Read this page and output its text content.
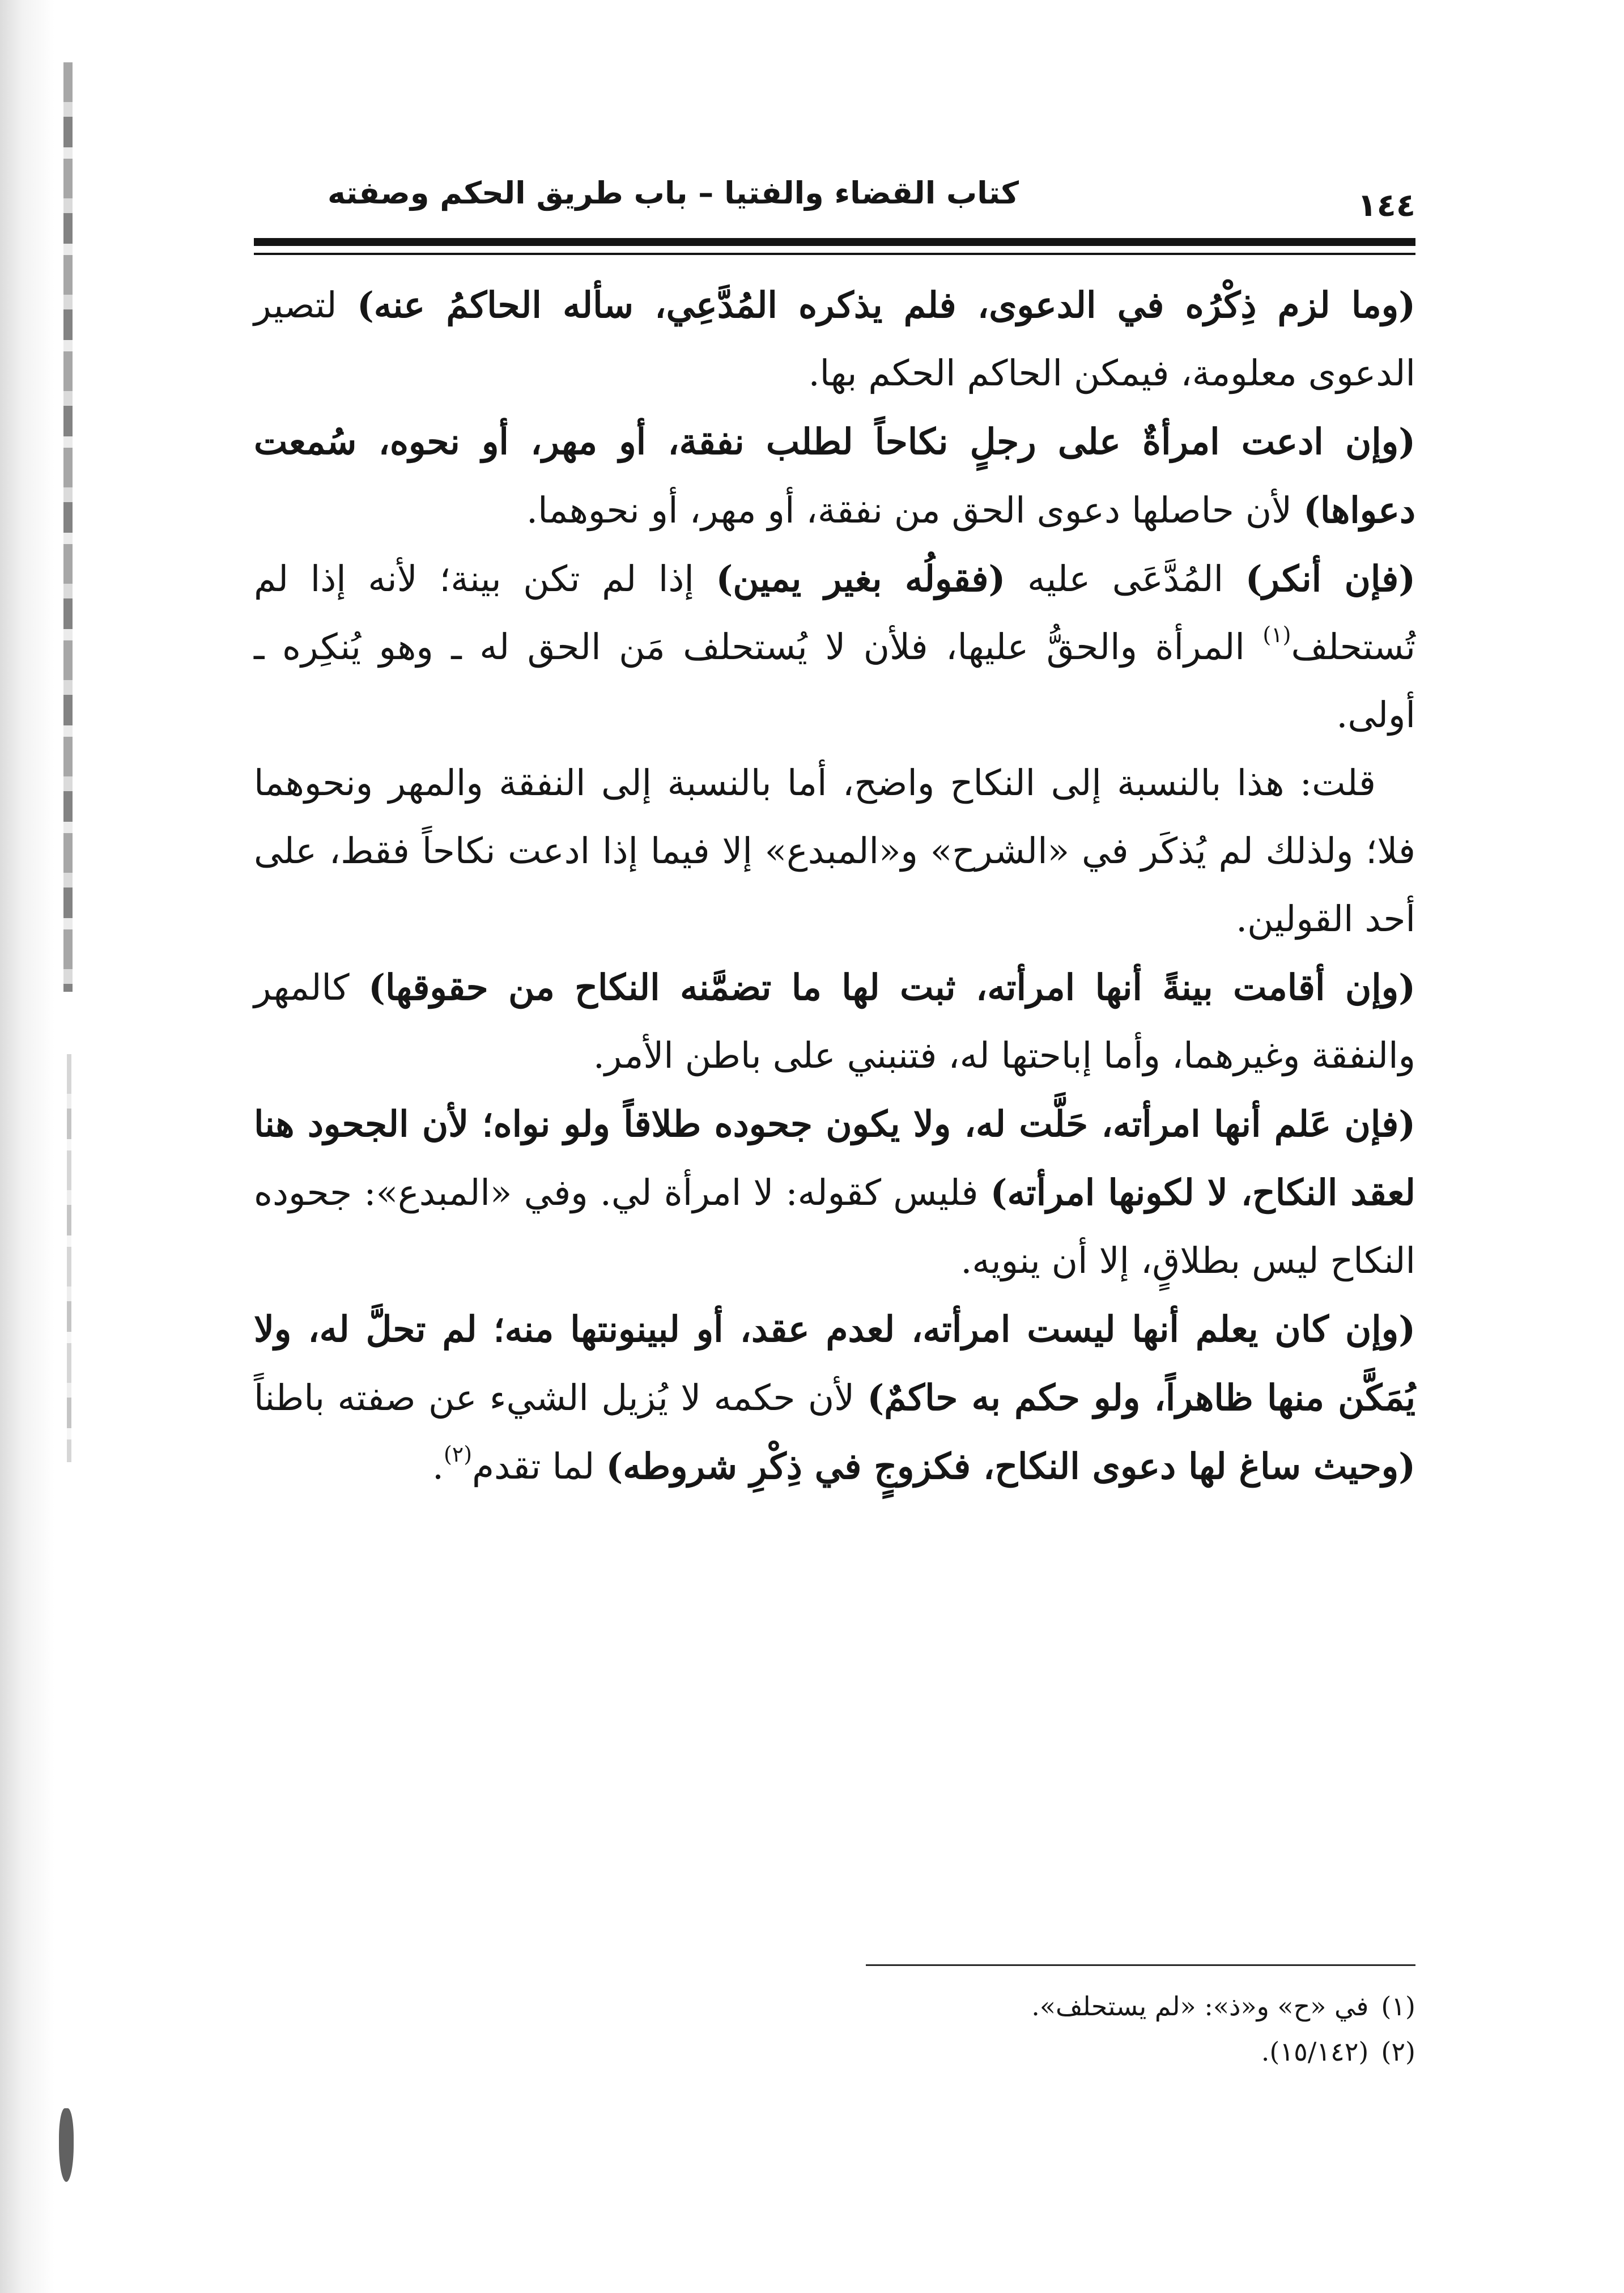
١٤٤
كتاب القضاء والفتيا – باب طريق الحكم وصفته

(وما لزم ذِكْرُه في الدعوى، فلم يذكره المُدَّعِي، سأله الحاكمُ عنه) لتصير الدعوى معلومة، فيمكن الحاكم الحكم بها.

(وإن ادعت امرأةٌ على رجلٍ نكاحاً لطلب نفقة، أو مهر، أو نحوه، سُمعت دعواها) لأن حاصلها دعوى الحق من نفقة، أو مهر، أو نحوهما.

(فإن أنكر) المُدَّعَى عليه (فقولُه بغير يمين) إذا لم تكن بينة؛ لأنه إذا لم تُستحلف$^{(١)}$ المرأة والحقُّ عليها، فلأن لا يُستحلف مَن الحق له ـ وهو يُنكِره ـ أولى.

قلت: هذا بالنسبة إلى النكاح واضح، أما بالنسبة إلى النفقة والمهر ونحوهما فلا؛ ولذلك لم يُذكَر في «الشرح» و«المبدع» إلا فيما إذا ادعت نكاحاً فقط، على أحد القولين.

(وإن أقامت بينةً أنها امرأته، ثبت لها ما تضمَّنه النكاح من حقوقها) كالمهر والنفقة وغيرهما، وأما إباحتها له، فتنبني على باطن الأمر.

(فإن عَلم أنها امرأته، حَلَّت له، ولا يكون جحوده طلاقاً ولو نواه؛ لأن الجحود هنا لعقد النكاح، لا لكونها امرأته) فليس كقوله: لا امرأة لي. وفي «المبدع»: جحوده النكاح ليس بطلاقٍ، إلا أن ينويه.

(وإن كان يعلم أنها ليست امرأته، لعدم عقد، أو لبينونتها منه؛ لم تحلَّ له، ولا يُمَكَّن منها ظاهراً، ولو حكم به حاكمٌ) لأن حكمه لا يُزيل الشيء عن صفته باطناً (وحيث ساغ لها دعوى النكاح، فكزوجٍ في ذِكْرِ شروطه) لما تقدم$^{(٢)}$.

(١)في «ح» و«ذ»: «لم يستحلف».

(٢)(١٥/١٤٢).
